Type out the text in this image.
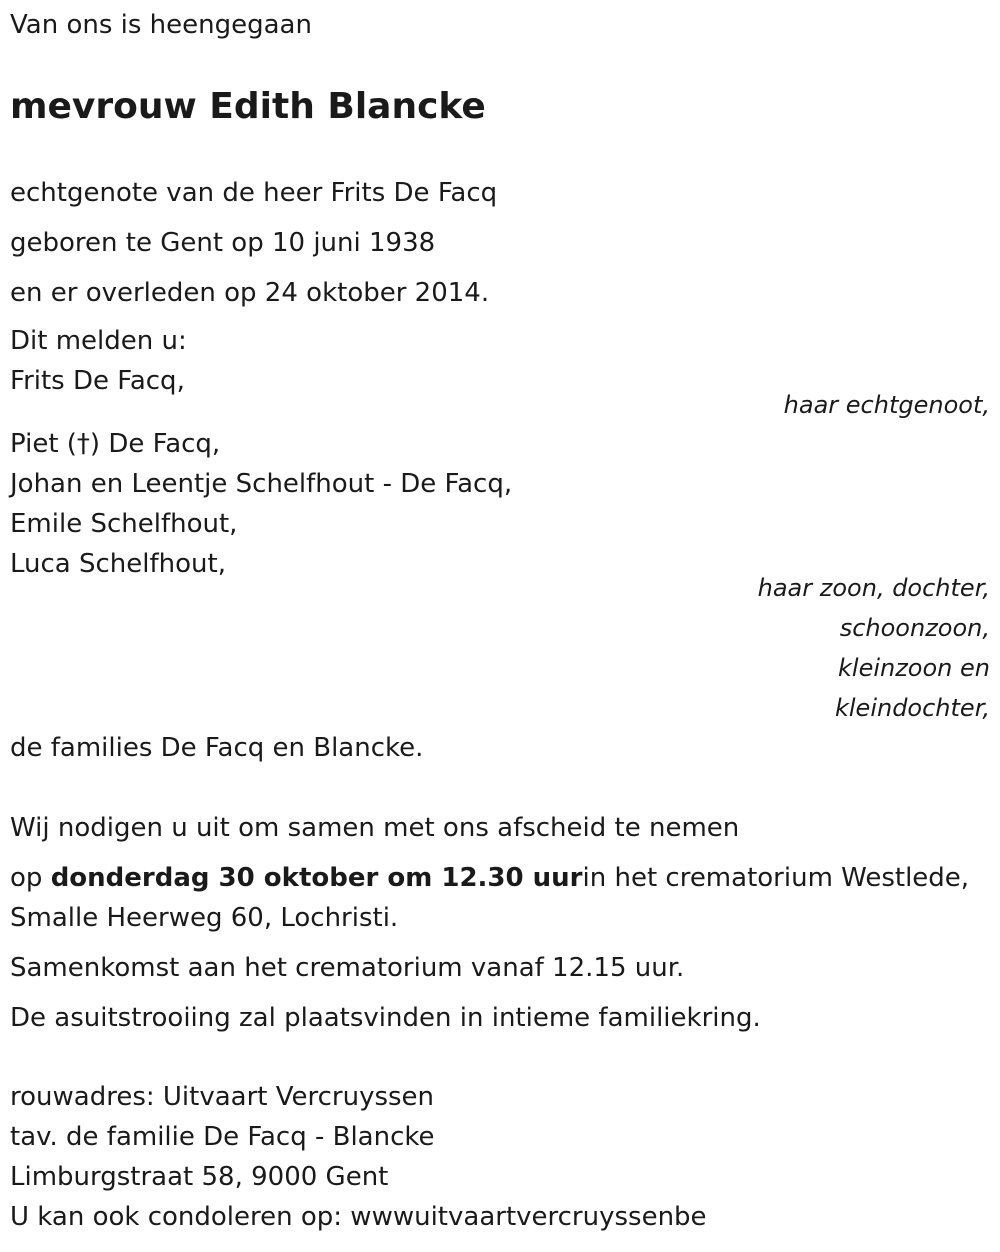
Van ons is heengegaan

mevrouw Edith Blancke

echtgenote van de heer Frits De Facq

geboren te Gent op 10 juni 1938

en er overleden op 24 oktober 2014.

Dit melden u:

Frits De Facq,

haar echtgenoot,

Piet (†) De Facq,

Johan en Leentje Schelfhout - De Facq,

Emile Schelfhout,

Luca Schelfhout,

haar zoon, dochter,
schoonzoon,
kleinzoon en
kleindochter,

de families De Facq en Blancke.

Wij nodigen u uit om samen met ons afscheid te nemen

op donderdag 30 oktober om 12.30 uurin het crematorium Westlede,

Smalle Heerweg 60, Lochristi.

Samenkomst aan het crematorium vanaf 12.15 uur.

De asuitstrooiing zal plaatsvinden in intieme familiekring.

rouwadres: Uitvaart Vercruyssen

tav. de familie De Facq - Blancke

Limburgstraat 58, 9000 Gent

U kan ook condoleren op: wwwuitvaartvercruyssenbe
